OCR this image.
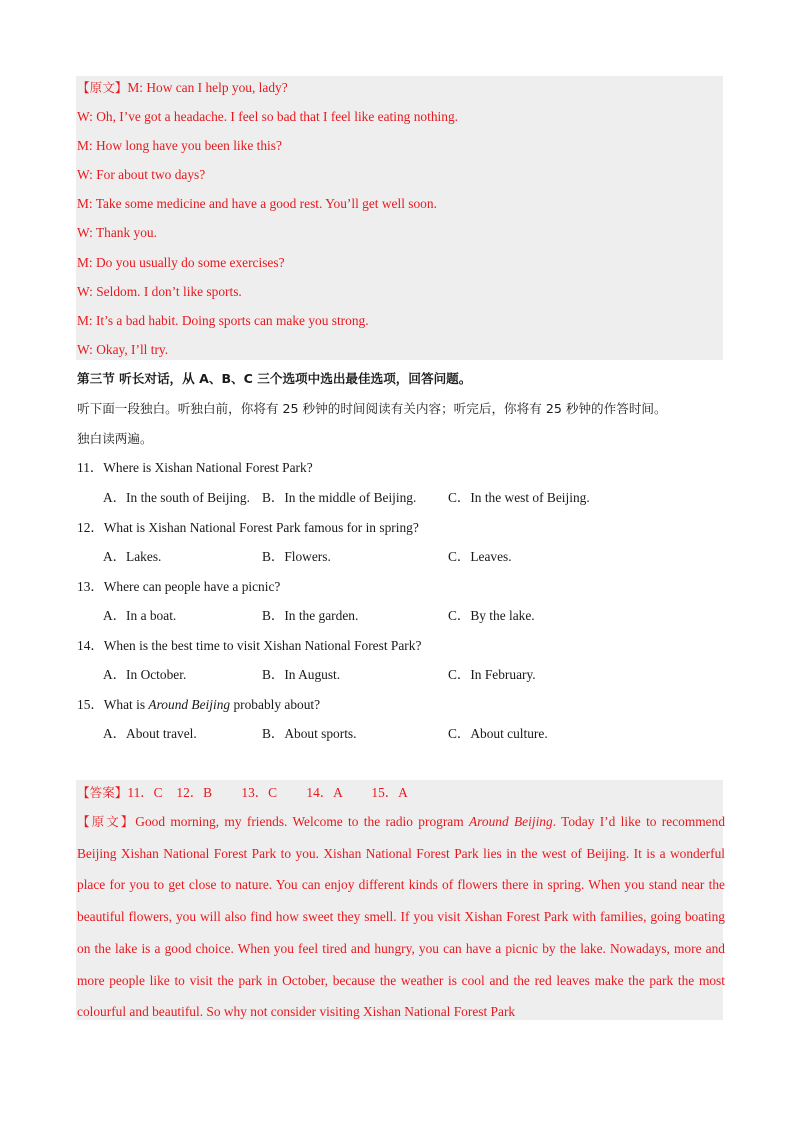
【原文】M: How can I help you, lady?
W: Oh, I’ve got a headache. I feel so bad that I feel like eating nothing.
M: How long have you been like this?
W: For about two days?
M: Take some medicine and have a good rest. You’ll get well soon.
W: Thank you.
M: Do you usually do some exercises?
W: Seldom. I don’t like sports.
M: It’s a bad habit. Doing sports can make you strong.
W: Okay, I’ll try.
第三节 听长对话，从 A、B、C 三个选项中选出最佳选项，回答问题。
听下面一段独白。听独白前，你将有 25 秒钟的时间阅读有关内容；听完后，你将有 25 秒钟的作答时间。
独白读两遍。
11．Where is Xishan National Forest Park?
A．In the south of Beijing. B．In the middle of Beijing. C．In the west of Beijing.
12．What is Xishan National Forest Park famous for in spring?
A．Lakes.	B．Flowers.	C．Leaves.
13．Where can people have a picnic?
A．In a boat.	B．In the garden.	C．By the lake.
14．When is the best time to visit Xishan National Forest Park?
A．In October.	B．In August.	C．In February.
15．What is Around Beijing probably about?
A．About travel.	B．About sports.	C．About culture.
【答案】11．C 12．B 13．C 14．A 15．A
【原文】Good morning, my friends. Welcome to the radio program Around Beijing. Today I’d like to recommend Beijing Xishan National Forest Park to you. Xishan National Forest Park lies in the west of Beijing. It is a wonderful place for you to get close to nature. You can enjoy different kinds of flowers there in spring. When you stand near the beautiful flowers, you will also find how sweet they smell. If you visit Xishan Forest Park with families, going boating on the lake is a good choice. When you feel tired and hungry, you can have a picnic by the lake. Nowadays, more and more people like to visit the park in October, because the weather is cool and the red leaves make the park the most colourful and beautiful. So why not consider visiting Xishan National Forest Park
